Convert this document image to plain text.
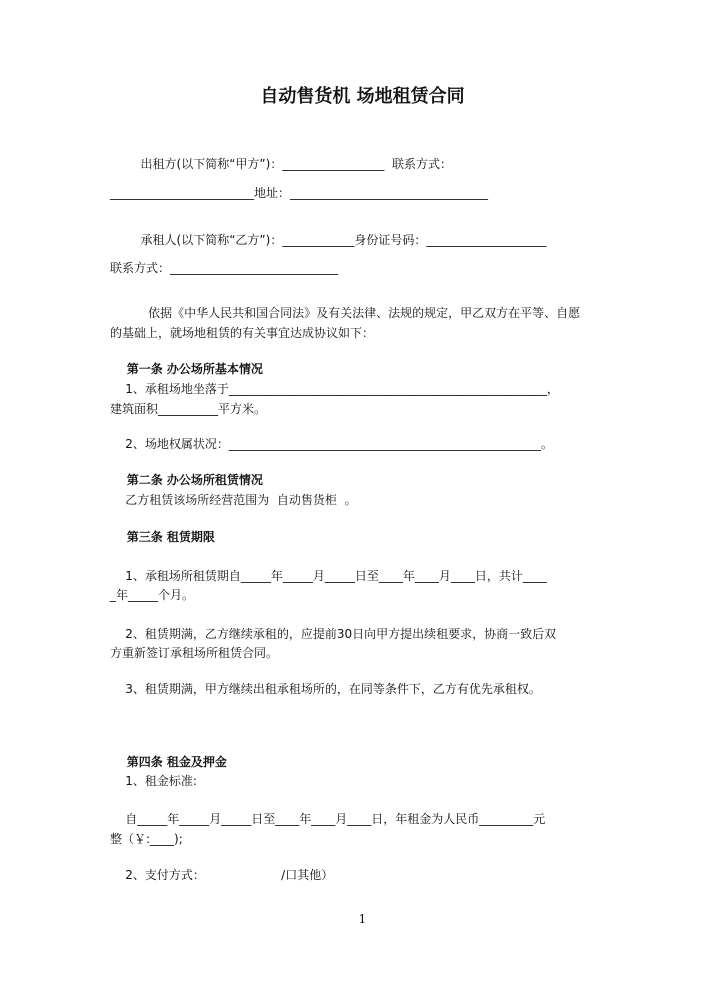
自动售货机 场地租赁合同

出租方(以下简称“甲方”)：_________________  联系方式：

________________________地址：_________________________________

承租人(以下简称“乙方”)：____________身份证号码：____________________

联系方式：____________________________

依据《中华人民共和国合同法》及有关法律、法规的规定，甲乙双方在平等、自愿

的基础上，就场地租赁的有关事宜达成协议如下：

第一条 办公场所基本情况

1、承租场地坐落于_____________________________________________________，

建筑面积__________平方米。

2、场地权属状况：____________________________________________________。

第二条 办公场所租赁情况

乙方租赁该场所经营范围为  自动售货柜  。

第三条 租赁期限

1、承租场所租赁期自_____年_____月_____日至____年____月____日，共计____

_年_____个月。

2、租赁期满，乙方继续承租的，应提前30日向甲方提出续租要求，协商一致后双

方重新签订承租场所租赁合同。

3、租赁期满，甲方继续出租承租场所的，在同等条件下，乙方有优先承租权。

第四条 租金及押金

1、租金标准:

自_____年_____月_____日至____年____月____日，年租金为人民币_________元

整（￥:____);

2、支付方式：                    /口其他）

1
